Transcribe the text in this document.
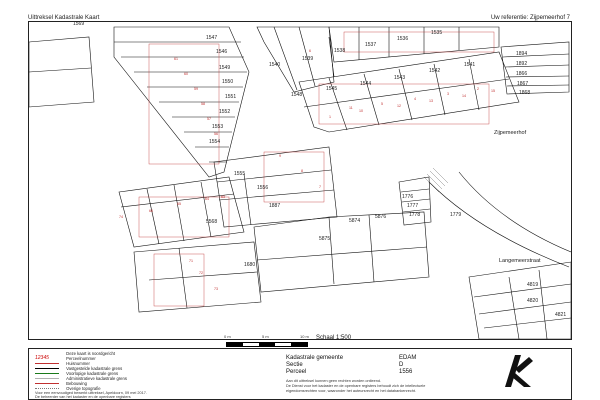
Uittreksel Kadastrale Kaart	Uw referentie: Zijpemeerhof 7
1569
1547
1546
1549
1550
1551
1552
1553
1554
1540
1539
1538
1537
1536
1535
1548
1545
1544
1543
1542
1541
1894
1892
1866
1867
1868
1555
1556
1887
1776
1777
1778	1779
5874
5875
5876
5568
1680
4819
4820
4821
61
60
59
58
57
56
11
5
4
3
2
1
9
8
7
10
12
13
14
15
6
71
72
73
74
66
65
64	63
Zijpemeerhof
Langemeerstraat
0 m	5 m	10 m Schaal 1:500
Deze kaart is noordgericht
12345	Perceelnummer
Huisnummer
Vastgestelde kadastrale grens
Voorlopige kadastrale grens
Administratieve kadastrale grens
Bebouwing
Overige topografie
Voor een eenvoudiged bewerkt uittreksel, Apeldoorn, 09 mei 2017.
De beheerder van het kadaster en de openbare registers
Kadastrale gemeente	EDAM
Sectie	D
Perceel	1556
Aan dit uittreksel kunnen geen rechten worden ontleend.
De Dienst voor het kadaster en de openbare registers behoudt zich de intellectuele
eigendomsrechten voor, waaronder het auteursrecht en het databankenrecht.
